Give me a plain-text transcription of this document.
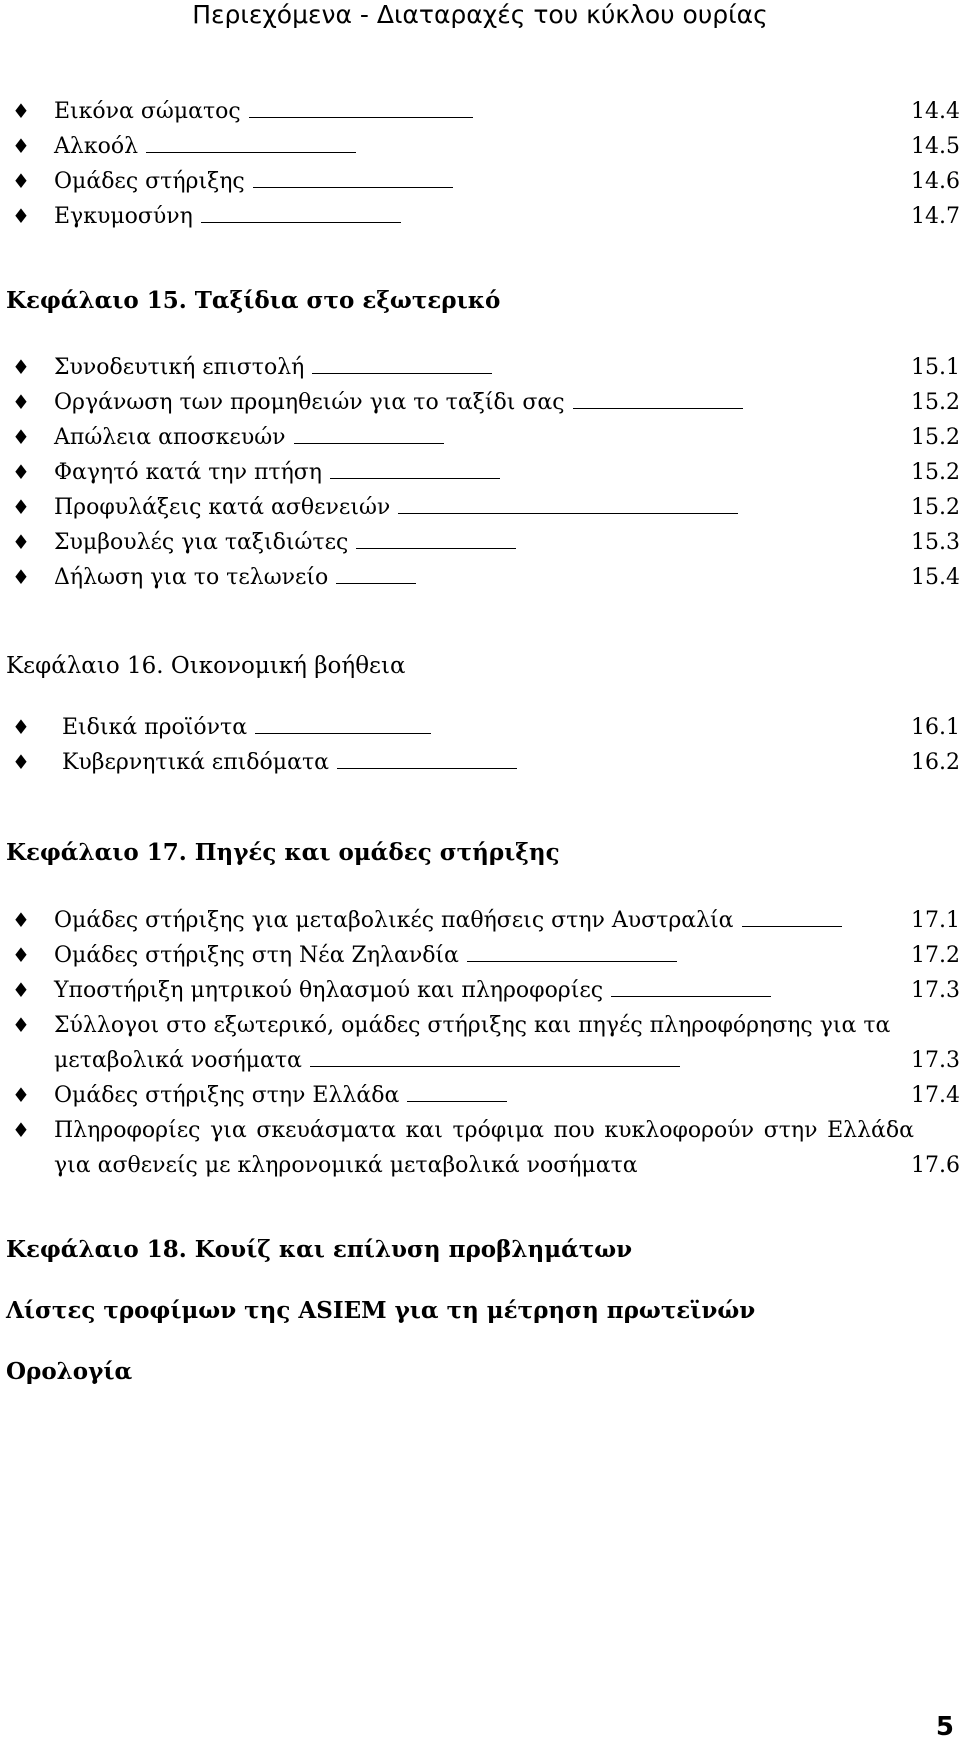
Περιεχόμενα - Διαταραχές του κύκλου ουρίας
♦ Εικόνα σώματος	14.4
♦ Αλκοόλ	14.5
♦ Ομάδες στήριξης	14.6
♦ Εγκυμοσύνη	14.7
Κεφάλαιο 15. Ταξίδια στο εξωτερικό
♦ Συνοδευτική επιστολή	15.1
♦ Οργάνωση των προμηθειών για το ταξίδι σας	15.2
♦ Απώλεια αποσκευών	15.2
♦ Φαγητό κατά την πτήση	15.2
♦ Προφυλάξεις κατά ασθενειών	15.2
♦ Συμβουλές για ταξιδιώτες	15.3
♦ Δήλωση για το τελωνείο	15.4
Κεφάλαιο 16. Οικονομική βοήθεια
♦ Ειδικά προϊόντα	16.1
♦ Κυβερνητικά επιδόματα	16.2
Κεφάλαιο 17. Πηγές και ομάδες στήριξης
♦ Ομάδες στήριξης για μεταβολικές παθήσεις στην Αυστραλία	17.1
♦ Ομάδες στήριξης στη Νέα Ζηλανδία	17.2
♦ Υποστήριξη μητρικού θηλασμού και πληροφορίες	17.3
♦ Σύλλογοι στο εξωτερικό, ομάδες στήριξης και πηγές πληροφόρησης για τα μεταβολικά νοσήματα	17.3
♦ Ομάδες στήριξης στην Ελλάδα	17.4
♦ Πληροφορίες για σκευάσματα και τρόφιμα που κυκλοφορούν στην Ελλάδα για ασθενείς με κληρονομικά μεταβολικά νοσήματα	17.6
Κεφάλαιο 18. Κουίζ και επίλυση προβλημάτων
Λίστες τροφίμων της ASIEM για τη μέτρηση πρωτεϊνών
Ορολογία
5
